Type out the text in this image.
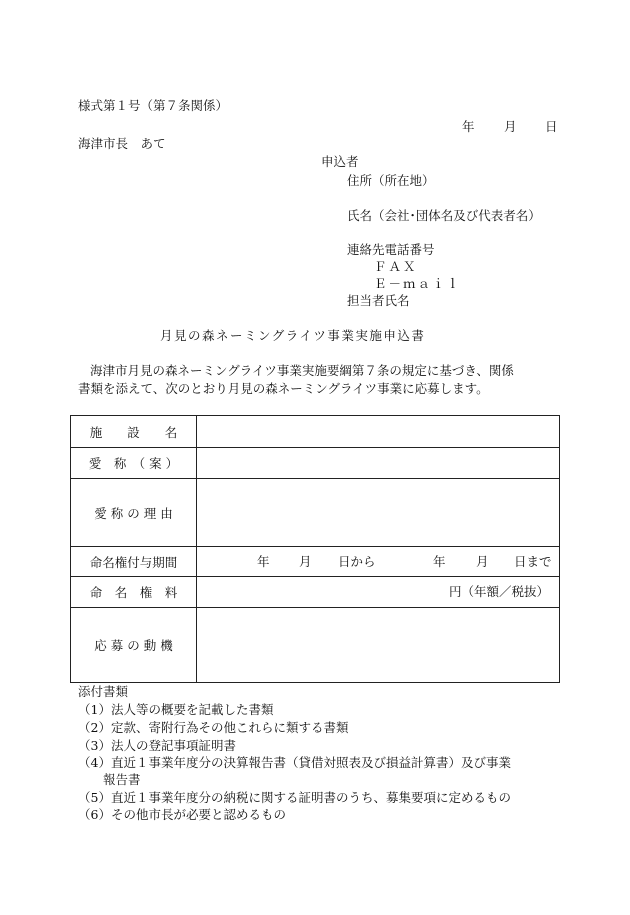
様式第１号（第７条関係）
年 月 日
海津市長　あて
申込者
住所（所在地）
氏名（会社･団体名及び代表者名）
連絡先電話番号
ＦＡＸ
Ｅ－ｍａｉｌ
担当者氏名
月見の森ネーミングライツ事業実施申込書
海津市月見の森ネーミングライツ事業実施要綱第７条の規定に基づき、関係
書類を添えて、次のとおり月見の森ネーミングライツ事業に応募します。
施　　設　　名
愛　称　（ 案 ）
愛 称 の 理 由
命名権付与期間	年 月 日から	年 月 日まで
命　名　権　料	円（年額／税抜）
応 募 の 動 機
添付書類
（1）法人等の概要を記載した書類
（2）定款、寄附行為その他これらに類する書類
（3）法人の登記事項証明書
（4）直近１事業年度分の決算報告書（貸借対照表及び損益計算書）及び事業
報告書
（5）直近１事業年度分の納税に関する証明書のうち、募集要項に定めるもの
（6）その他市長が必要と認めるもの
